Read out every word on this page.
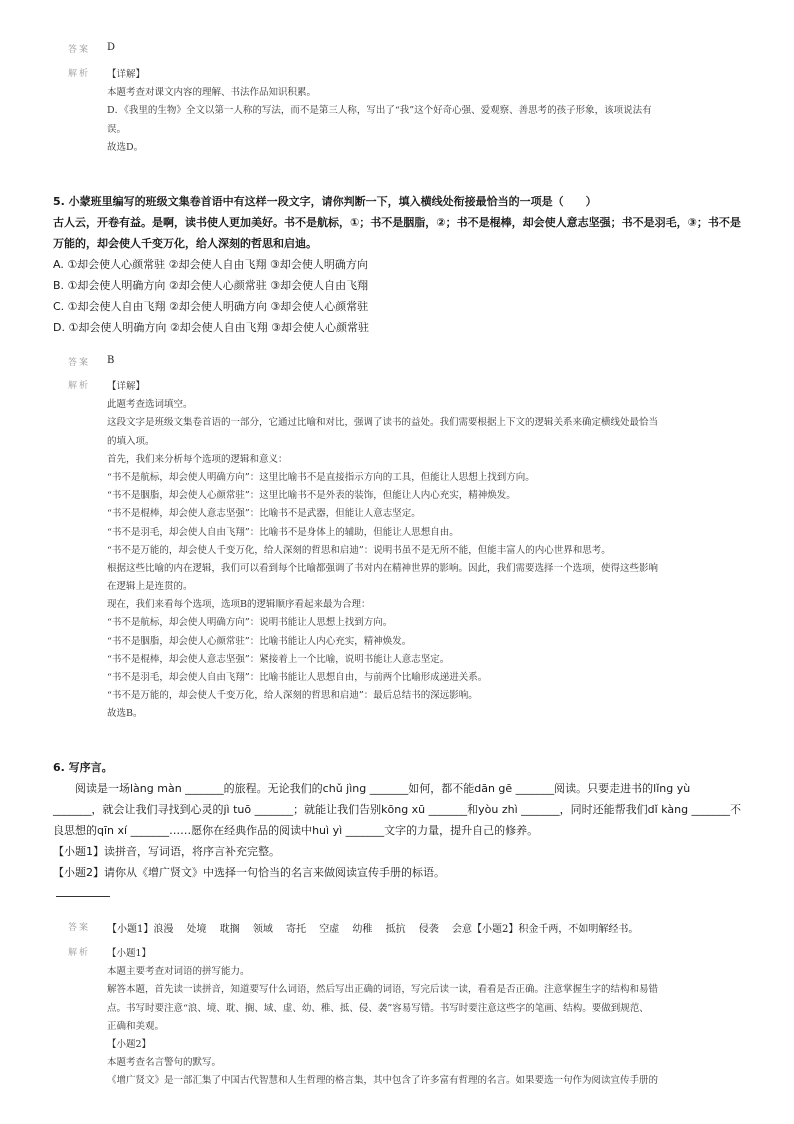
答案	D
解析	【详解】
本题考查对课文内容的理解、书法作品知识积累。
D．《我里的生物》全文以第一人称的写法，而不是第三人称，写出了“我”这个好奇心强、爱观察、善思考的孩子形象，该项说法有
误。
故选D。
5. 小蒙班里编写的班级文集卷首语中有这样一段文字，请你判断一下，填入横线处衔接最恰当的一项是（　　）
古人云，开卷有益。是啊，读书使人更加美好。书不是航标，①；书不是胭脂，②；书不是棍棒，却会使人意志坚强；书不是羽毛，③；书不是万能的，却会使人千变万化，给人深刻的哲思和启迪。
A. ①却会使人心颜常驻 ②却会使人自由飞翔 ③却会使人明确方向
B. ①却会使人明确方向 ②却会使人心颜常驻 ③却会使人自由飞翔
C. ①却会使人自由飞翔 ②却会使人明确方向 ③却会使人心颜常驻
D. ①却会使人明确方向 ②却会使人自由飞翔 ③却会使人心颜常驻
答案	B
解析	【详解】
此题考查选词填空。
这段文字是班级文集卷首语的一部分，它通过比喻和对比，强调了读书的益处。我们需要根据上下文的逻辑关系来确定横线处最恰当
的填入项。
首先，我们来分析每个选项的逻辑和意义：
“书不是航标，却会使人明确方向”：这里比喻书不是直接指示方向的工具，但能让人思想上找到方向。
“书不是胭脂，却会使人心颜常驻”：这里比喻书不是外表的装饰，但能让人内心充实，精神焕发。
“书不是棍棒，却会使人意志坚强”：比喻书不是武器，但能让人意志坚定。
“书不是羽毛，却会使人自由飞翔”：比喻书不是身体上的辅助，但能让人思想自由。
“书不是万能的，却会使人千变万化，给人深刻的哲思和启迪”：说明书虽不是无所不能，但能丰富人的内心世界和思考。
根据这些比喻的内在逻辑，我们可以看到每个比喻都强调了书对内在精神世界的影响。因此，我们需要选择一个选项，使得这些影响
在逻辑上是连贯的。
现在，我们来看每个选项，选项B的逻辑顺序看起来最为合理：
“书不是航标，却会使人明确方向”：说明书能让人思想上找到方向。
“书不是胭脂，却会使人心颜常驻”：比喻书能让人内心充实，精神焕发。
“书不是棍棒，却会使人意志坚强”：紧接着上一个比喻，说明书能让人意志坚定。
“书不是羽毛，却会使人自由飞翔”：比喻书能让人思想自由，与前两个比喻形成递进关系。
“书不是万能的，却会使人千变万化，给人深刻的哲思和启迪”：最后总结书的深远影响。
故选B。
6. 写序言。
阅读是一场làng màn _______的旅程。无论我们的chǔ jìng _______如何，都不能dān gē _______阅读。只要走进书的lǐng yù _______，就会让我们寻找到心灵的jì tuō _______；就能让我们告别kōng xū _______和yòu zhì _______，同时还能帮我们dǐ kàng _______不良思想的qīn xí _______……愿你在经典作品的阅读中huì yì _______文字的力量，提升自己的修养。
【小题1】读拼音，写词语，将序言补充完整。
【小题2】请你从《增广贤文》中选择一句恰当的名言来做阅读宣传手册的标语。
答案	【小题1】浪漫　 处境　 耽搁　 领域　 寄托　 空虚　 幼稚　 抵抗　 侵袭　 会意【小题2】积金千两，不如明解经书。
解析	【小题1】
本题主要考查对词语的拼写能力。
解答本题，首先读一读拼音，知道要写什么词语，然后写出正确的词语，写完后读一读，看看是否正确。注意掌握生字的结构和易错
点。书写时要注意“浪、境、耽、搁、域、虚、幼、稚、抵、侵、袭”容易写错。书写时要注意这些字的笔画、结构。要做到规范、
正确和美观。
【小题2】
本题考查名言警句的默写。
《增广贤文》是一部汇集了中国古代智慧和人生哲理的格言集，其中包含了许多富有哲理的名言。如果要选一句作为阅读宣传手册的
